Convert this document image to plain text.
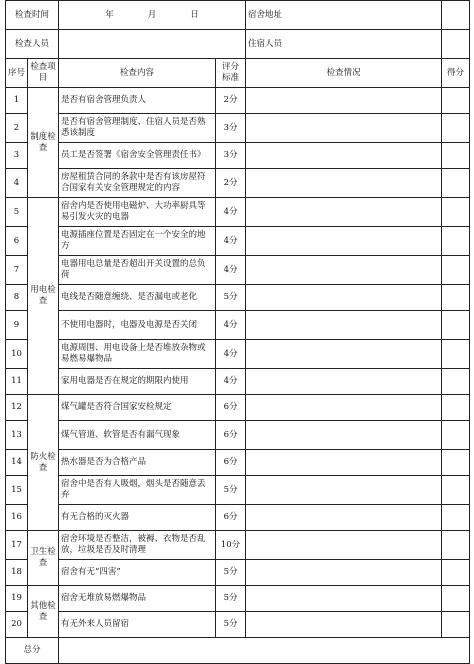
检查时间		年 月 日		宿舍地址	
检查人员				住宿人员	
序号	检查项目	检查内容	评分标准	检查情况	得分
1	制度检查	是否有宿舍管理负责人	2分		
2		是否有宿舍管理制度、住宿人员是否熟悉该制度	3分		
3		员工是否签署《宿舍安全管理责任书》	3分		
4		房屋租赁合同的条款中是否有该房屋符合国家有关安全管理规定的内容	2分		
5	用电检查	宿舍内是否使用电磁炉、大功率厨具等易引发火灾的电器	4分		
6		电源插座位置是否固定在一个安全的地方	4分		
7		电器用电总量是否超出开关设置的总负荷	4分		
8		电线是否随意缠绕、是否漏电或老化	5分		
9		不使用电器时，电器及电源是否关闭	4分		
10		电源周围、用电设备上是否堆放杂物或易燃易爆物品	4分		
11		家用电器是否在规定的期限内使用	4分		
12	防火检查	煤气罐是否符合国家安检规定	6分		
13		煤气管道、软管是否有漏气现象	6分		
14		热水器是否为合格产品	6分		
15		宿舍中是否有人吸烟，烟头是否随意丢弃	5分		
16		有无合格的灭火器	6分		
17	卫生检查	宿舍环境是否整洁，被褥、衣物是否乱放，垃圾是否及时清理	10分		
18		宿舍有无“四害”	5分		
19	其他检查	宿舍无堆放易燃爆物品	5分		
20		有无外来人员留宿	5分		
总分					
